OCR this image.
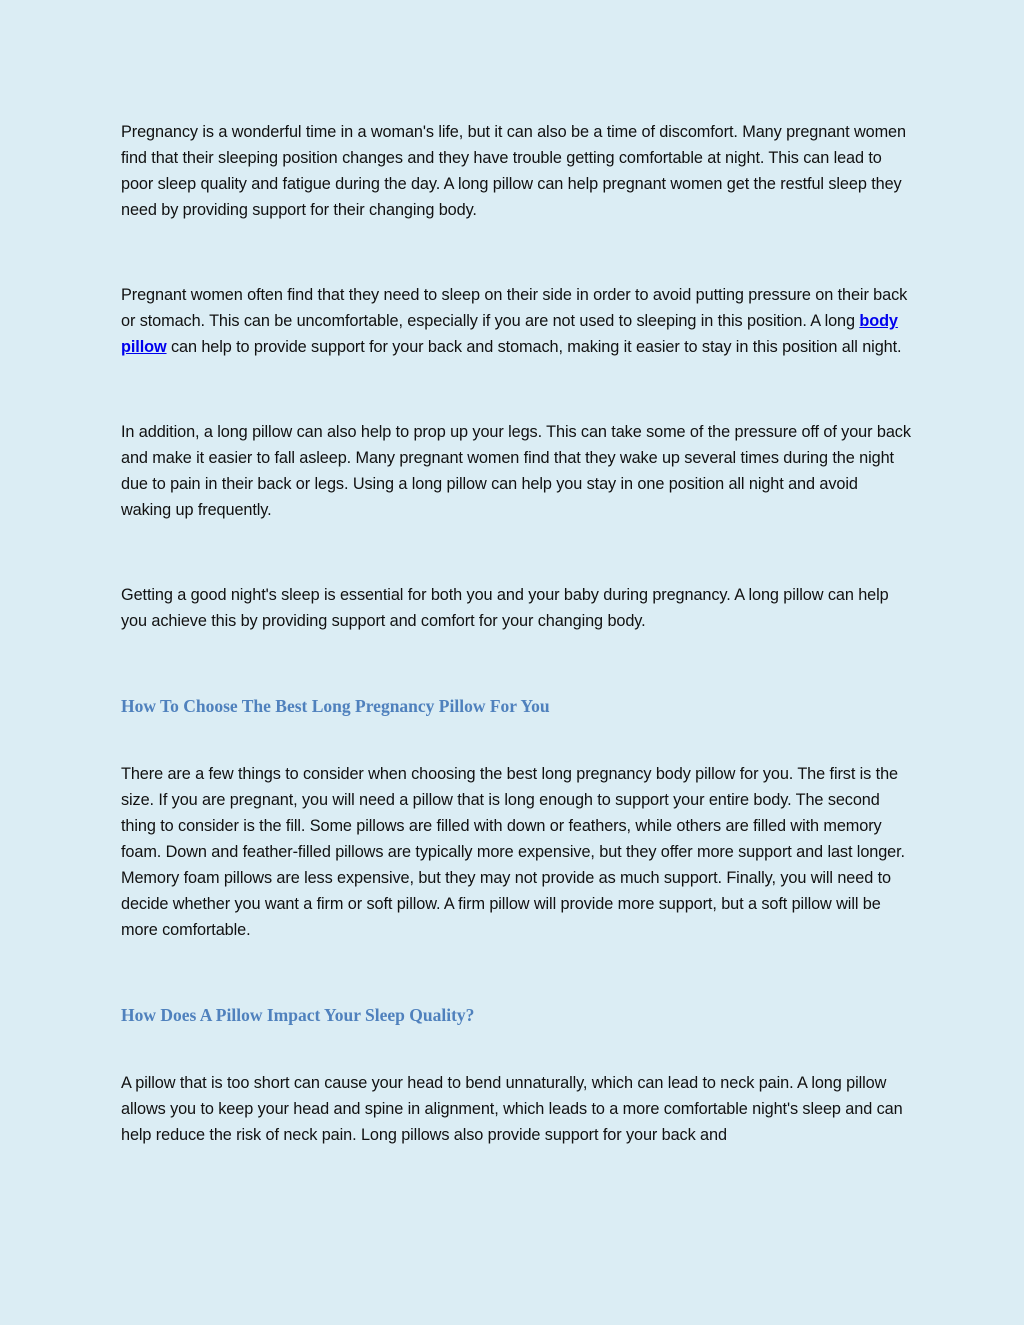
Pregnancy is a wonderful time in a woman's life, but it can also be a time of discomfort. Many pregnant women find that their sleeping position changes and they have trouble getting comfortable at night. This can lead to poor sleep quality and fatigue during the day. A long pillow can help pregnant women get the restful sleep they need by providing support for their changing body.

Pregnant women often find that they need to sleep on their side in order to avoid putting pressure on their back or stomach. This can be uncomfortable, especially if you are not used to sleeping in this position. A long body pillow can help to provide support for your back and stomach, making it easier to stay in this position all night.

In addition, a long pillow can also help to prop up your legs. This can take some of the pressure off of your back and make it easier to fall asleep. Many pregnant women find that they wake up several times during the night due to pain in their back or legs. Using a long pillow can help you stay in one position all night and avoid waking up frequently.

Getting a good night's sleep is essential for both you and your baby during pregnancy. A long pillow can help you achieve this by providing support and comfort for your changing body.

How To Choose The Best Long Pregnancy Pillow For You

There are a few things to consider when choosing the best long pregnancy body pillow for you. The first is the size. If you are pregnant, you will need a pillow that is long enough to support your entire body. The second thing to consider is the fill. Some pillows are filled with down or feathers, while others are filled with memory foam. Down and feather-filled pillows are typically more expensive, but they offer more support and last longer. Memory foam pillows are less expensive, but they may not provide as much support. Finally, you will need to decide whether you want a firm or soft pillow. A firm pillow will provide more support, but a soft pillow will be more comfortable.

How Does A Pillow Impact Your Sleep Quality?

A pillow that is too short can cause your head to bend unnaturally, which can lead to neck pain. A long pillow allows you to keep your head and spine in alignment, which leads to a more comfortable night's sleep and can help reduce the risk of neck pain. Long pillows also provide support for your back and
